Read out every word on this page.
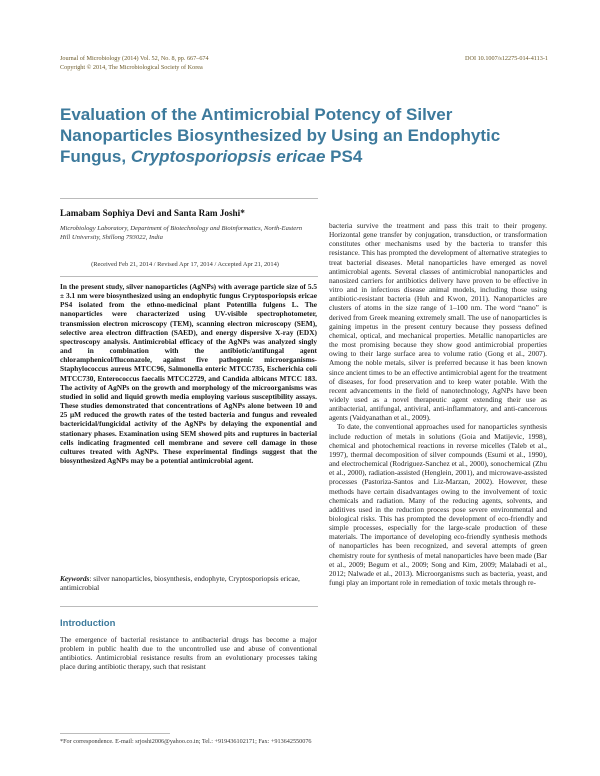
Journal of Microbiology (2014) Vol. 52, No. 8, pp. 667–674
Copyright © 2014, The Microbiological Society of Korea
DOI 10.1007/s12275-014-4113-1
Evaluation of the Antimicrobial Potency of Silver Nanoparticles Biosynthesized by Using an Endophytic Fungus, Cryptosporiopsis ericae PS4
Lamabam Sophiya Devi and Santa Ram Joshi*
Microbiology Laboratory, Department of Biotechnology and Bioinformatics, North-Eastern Hill University, Shillong 793022, India
(Received Feb 21, 2014 / Revised Apr 17, 2014 / Accepted Apr 21, 2014)
In the present study, silver nanoparticles (AgNPs) with average particle size of 5.5 ± 3.1 nm were biosynthesized using an endophytic fungus Cryptosporiopsis ericae PS4 isolated from the ethno-medicinal plant Potentilla fulgens L. The nanoparticles were characterized using UV-visible spectrophotometer, transmission electron microscopy (TEM), scanning electron microscopy (SEM), selective area electron diffraction (SAED), and energy dispersive X-ray (EDX) spectroscopy analysis. Antimicrobial efficacy of the AgNPs was analyzed singly and in combination with the antibiotic/antifungal agent chloramphenicol/fluconazole, against five pathogenic microorganisms-Staphylococcus aureus MTCC96, Salmonella enteric MTCC735, Escherichia coli MTCC730, Enterococcus faecalis MTCC2729, and Candida albicans MTCC 183. The activity of AgNPs on the growth and morphology of the microorganisms was studied in solid and liquid growth media employing various susceptibility assays. These studies demonstrated that concentrations of AgNPs alone between 10 and 25 μM reduced the growth rates of the tested bacteria and fungus and revealed bactericidal/fungicidal activity of the AgNPs by delaying the exponential and stationary phases. Examination using SEM showed pits and ruptures in bacterial cells indicating fragmented cell membrane and severe cell damage in those cultures treated with AgNPs. These experimental findings suggest that the biosynthesized AgNPs may be a potential antimicrobial agent.
Keywords: silver nanoparticles, biosynthesis, endophyte, Cryptosporiopsis ericae, antimicrobial
Introduction
The emergence of bacterial resistance to antibacterial drugs has become a major problem in public health due to the uncontrolled use and abuse of conventional antibiotics. Antimicrobial resistance results from an evolutionary processes taking place during antibiotic therapy, such that resistant
*For correspondence. E-mail: srjoshi2006@yahoo.co.in; Tel.: +919436102171; Fax: +913642550076

bacteria survive the treatment and pass this trait to their progeny. Horizontal gene transfer by conjugation, transduction, or transformation constitutes other mechanisms used by the bacteria to transfer this resistance. This has prompted the development of alternative strategies to treat bacterial diseases. Metal nanoparticles have emerged as novel antimicrobial agents. Several classes of antimicrobial nanoparticles and nanosized carriers for antibiotics delivery have proven to be effective in vitro and in infectious disease animal models, including those using antibiotic-resistant bacteria (Huh and Kwon, 2011). Nanoparticles are clusters of atoms in the size range of 1–100 nm. The word “nano” is derived from Greek meaning extremely small. The use of nanoparticles is gaining impetus in the present century because they possess defined chemical, optical, and mechanical properties. Metallic nanoparticles are the most promising because they show good antimicrobial properties owing to their large surface area to volume ratio (Gong et al., 2007). Among the noble metals, silver is preferred because it has been known since ancient times to be an effective antimicrobial agent for the treatment of diseases, for food preservation and to keep water potable. With the recent advancements in the field of nanotechnology, AgNPs have been widely used as a novel therapeutic agent extending their use as antibacterial, antifungal, antiviral, anti-inflammatory, and anti-cancerous agents (Vaidyanathan et al., 2009).

To date, the conventional approaches used for nanoparticles synthesis include reduction of metals in solutions (Goia and Matijevic, 1998), chemical and photochemical reactions in reverse micelles (Taleb et al., 1997), thermal decomposition of silver compounds (Esumi et al., 1990), and electrochemical (Rodriguez-Sanchez et al., 2000), sonochemical (Zhu et al., 2000), radiation-assisted (Henglein, 2001), and microwave-assisted processes (Pastoriza-Santos and Liz-Marzan, 2002). However, these methods have certain disadvantages owing to the involvement of toxic chemicals and radiation. Many of the reducing agents, solvents, and additives used in the reduction process pose severe environmental and biological risks. This has prompted the development of eco-friendly and simple processes, especially for the large-scale production of these materials. The importance of developing eco-friendly synthesis methods of nanoparticles has been recognized, and several attempts of green chemistry route for synthesis of metal nanoparticles have been made (Bar et al., 2009; Begum et al., 2009; Song and Kim, 2009; Malabadi et al., 2012; Nalwade et al., 2013). Microorganisms such as bacteria, yeast, and fungi play an important role in remediation of toxic metals through re-
